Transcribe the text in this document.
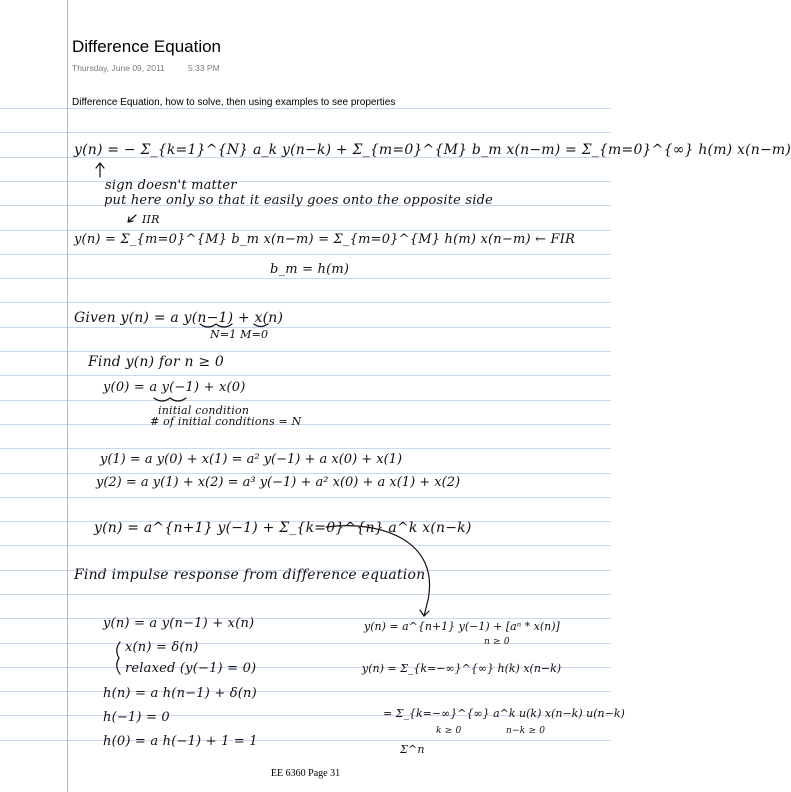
Difference Equation
Thursday, June 09, 2011	5:33 PM
Difference Equation, how to solve, then using examples to see properties
y(n) = − Σ_{k=1}^{N} a_k y(n−k) + Σ_{m=0}^{M} b_m x(n−m) = Σ_{m=0}^{∞} h(m) x(n−m)
sign doesn't matter
put here only so that it easily goes onto the opposite side
IIR
y(n) = Σ_{m=0}^{M} b_m x(n−m) = Σ_{m=0}^{M} h(m) x(n−m) ← FIR
b_m = h(m)
Given y(n) = a y(n−1) + x(n)
N=1 M=0
Find y(n) for n ≥ 0
y(0) = a y(−1) + x(0)
initial condition
# of initial conditions = N
y(1) = a y(0) + x(1) = a² y(−1) + a x(0) + x(1)
y(2) = a y(1) + x(2) = a³ y(−1) + a² x(0) + a x(1) + x(2)
y(n) = a^{n+1} y(−1) + Σ_{k=0}^{n} a^k x(n−k)
Find impulse response from difference equation
y(n) = a y(n−1) + x(n)
x(n) = δ(n)
relaxed (y(−1) = 0)
h(n) = a h(n−1) + δ(n)
h(−1) = 0
h(0) = a h(−1) + 1 = 1
y(n) = a^{n+1} y(−1) + [aⁿ * x(n)]
n ≥ 0
y(n) = Σ_{k=−∞}^{∞} h(k) x(n−k)
= Σ_{k=−∞}^{∞} a^k u(k) x(n−k) u(n−k)
k ≥ 0	n−k ≥ 0
Σ^n
EE 6360 Page 31
